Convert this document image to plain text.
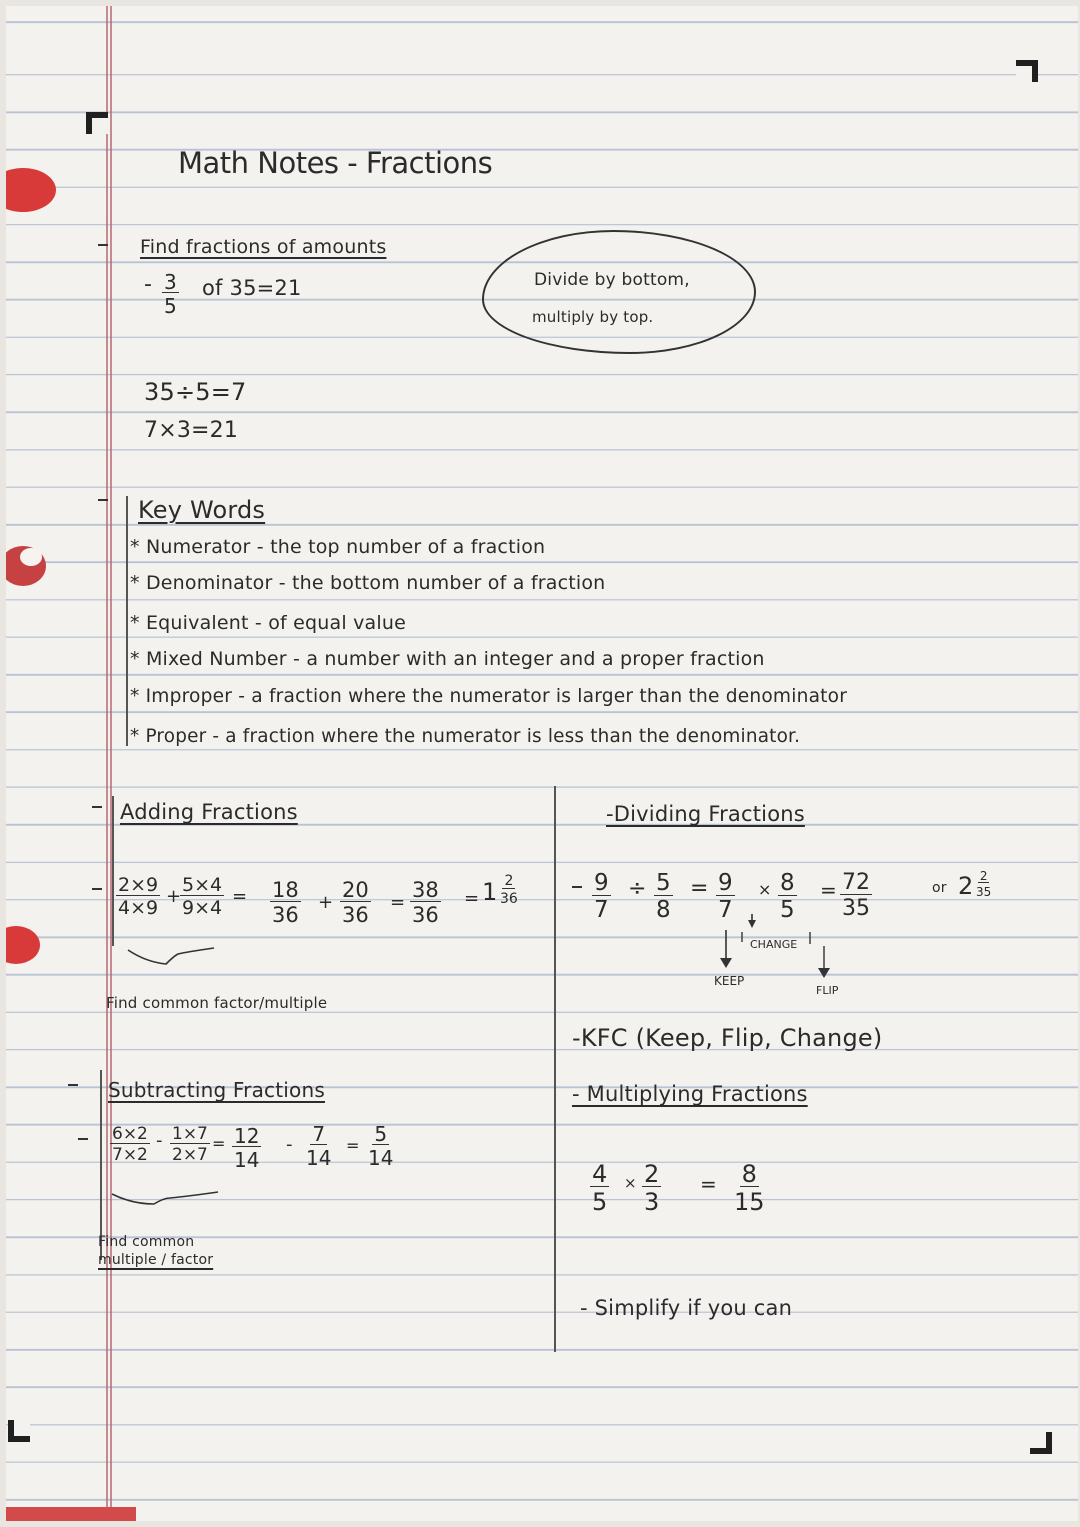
Math Notes - Fractions
Find fractions of amounts
- $\frac{3}{5}$ of 35=21
35÷5=7
7×3=21
Divide by bottom,
multiply by top.
Key Words
* Numerator - the top number of a fraction
* Denominator - the bottom number of a fraction
* Equivalent - of equal value
* Mixed Number - a number with an integer and a proper fraction
* Improper - a fraction where the numerator is larger than the denominator
* Proper - a fraction where the numerator is less than the denominator.
Adding Fractions
$\frac{2\times 9}{4\times 9}$ +
$\frac{5\times 4}{9\times 4} = \frac{18}{36} + \frac{20}{36} = \frac{38}{36} = 1 \frac{2}{36}$
Find common factor/multiple
Subtracting Fractions
$\frac{6\times 2}{7\times 2} - \frac{1\times 7}{2\times 7} = \frac{12}{14} - \frac{7}{14} = \frac{5}{14}$
Find common
multiple / factor
-Dividing Fractions
$\frac{9}{7} \div \frac{5}{8} = \frac{9}{7} \times \frac{8}{5} = \frac{72}{35}$	or $2 \frac{2}{35}$
CHANGE
KEEP
FLIP
-KFC (Keep, Flip, Change)
- Multiplying Fractions
$\frac{4}{5} \times \frac{2}{3} = \frac{8}{15}$
- Simplify if you can
